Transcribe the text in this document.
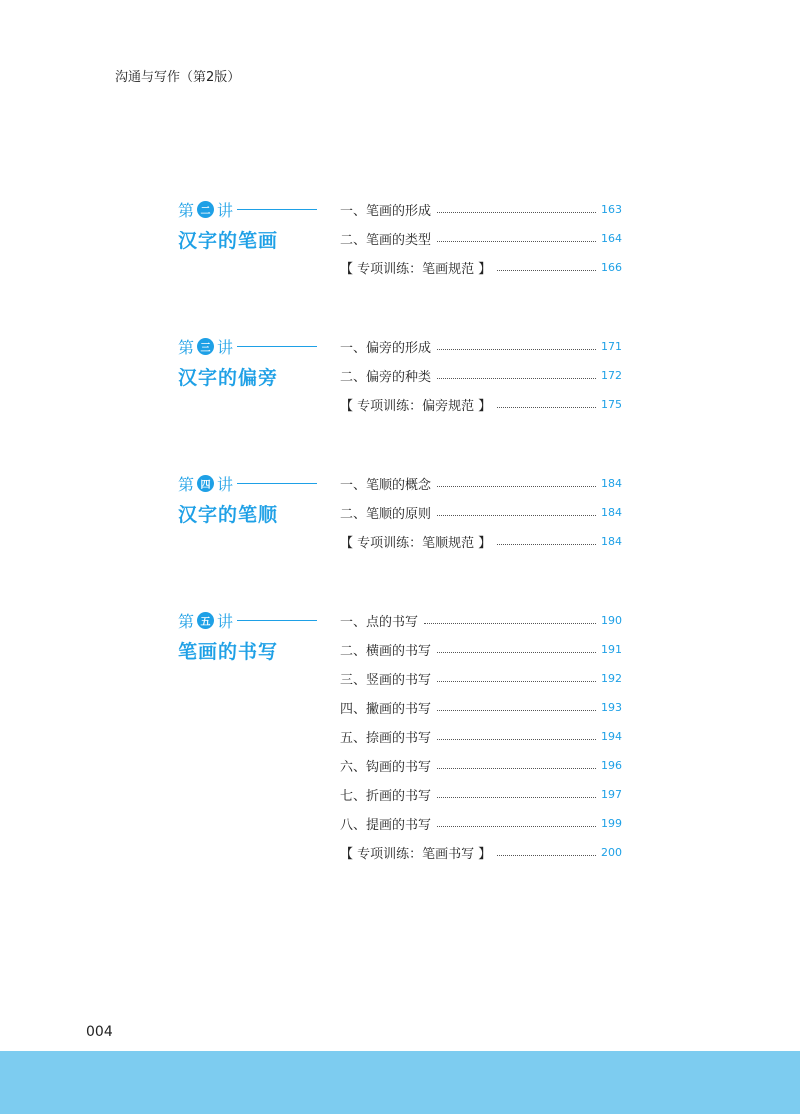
沟通与写作（第2版）
第 二 讲
汉字的笔画
一、笔画的形成	163
二、笔画的类型	164
【 专项训练：笔画规范 】	166
第 三 讲
汉字的偏旁
一、偏旁的形成	171
二、偏旁的种类	172
【 专项训练：偏旁规范 】	175
第 四 讲
汉字的笔顺
一、笔顺的概念	184
二、笔顺的原则	184
【 专项训练：笔顺规范 】	184
第 五 讲
笔画的书写
一、点的书写	190
二、横画的书写	191
三、竖画的书写	192
四、撇画的书写	193
五、捺画的书写	194
六、钩画的书写	196
七、折画的书写	197
八、提画的书写	199
【 专项训练：笔画书写 】	200
004
